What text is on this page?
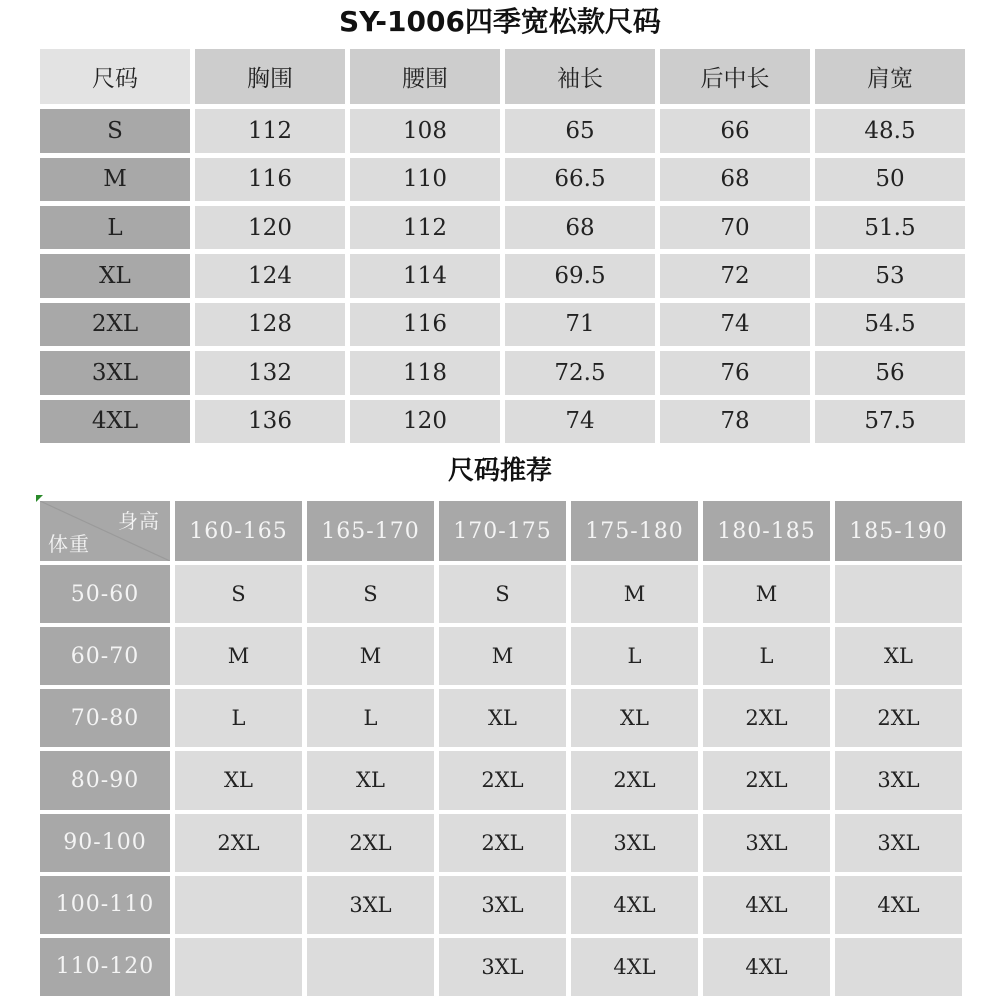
SY-1006四季宽松款尺码
尺码	胸围	腰围	袖长	后中长	肩宽
S	112	108	65	66	48.5
M	116	110	66.5	68	50
L	120	112	68	70	51.5
XL	124	114	69.5	72	53
2XL	128	116	71	74	54.5
3XL	132	118	72.5	76	56
4XL	136	120	74	78	57.5
尺码推荐
身高
体重	160-165	165-170	170-175	175-180	180-185	185-190
50-60	S	S	S	M	M	
60-70	M	M	M	L	L	XL
70-80	L	L	XL	XL	2XL	2XL
80-90	XL	XL	2XL	2XL	2XL	3XL
90-100	2XL	2XL	2XL	3XL	3XL	3XL
100-110		3XL	3XL	4XL	4XL	4XL
110-120			3XL	4XL	4XL	
